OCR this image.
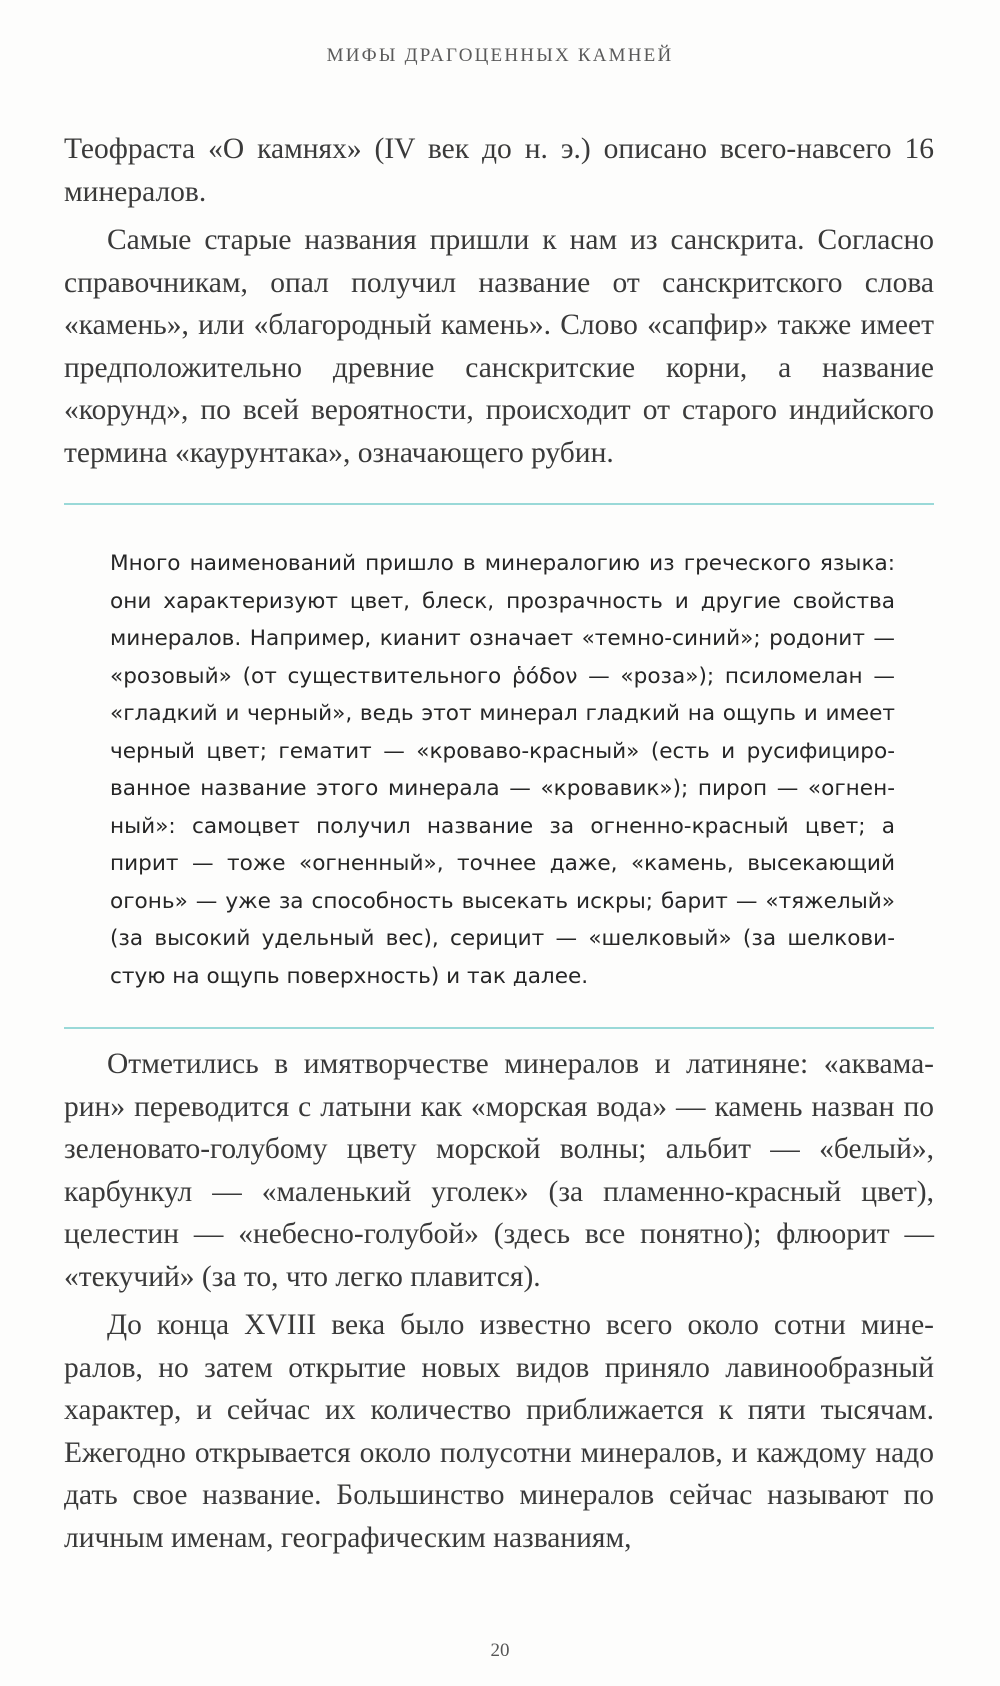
МИФЫ ДРАГОЦЕННЫХ КАМНЕЙ

Теофраста «О камнях» (IV век до н. э.) описано всего-навсего 16 минералов.

Самые старые названия пришли к нам из санскрита. Согласно справочникам, опал получил название от санскритского слова «камень», или «благородный камень». Слово «сапфир» также имеет предположительно древние санскритские корни, а название «корунд», по всей вероятности, происходит от старого индийского термина «каурунтака», означающего рубин.

Много наименований пришло в минералогию из греческого языка: они характеризуют цвет, блеск, прозрачность и другие свойства минералов. Например, кианит означает «темно-синий»; родонит — «розовый» (от существительного ῥόδον — «роза»); псиломелан — «гладкий и черный», ведь этот минерал гладкий на ощупь и имеет черный цвет; гематит — «кроваво-красный» (есть и русифицированное название этого минерала — «кровавик»); пироп — «огненный»: самоцвет получил название за огненно-красный цвет; а пирит — тоже «огненный», точнее даже, «камень, высекающий огонь» — уже за способность высекать искры; барит — «тяжелый» (за высокий удельный вес), серицит — «шелковый» (за шелковистую на ощупь поверхность) и так далее.

Отметились в имятворчестве минералов и латиняне: «аквамарин» переводится с латыни как «морская вода» — камень назван по зеленовато-голубому цвету морской волны; альбит — «белый», карбункул — «маленький уголек» (за пламенно-красный цвет), целестин — «небесно-голубой» (здесь все понятно); флюорит — «текучий» (за то, что легко плавится).

До конца XVIII века было известно всего около сотни минералов, но затем открытие новых видов приняло лавинообразный характер, и сейчас их количество приближается к пяти тысячам. Ежегодно открывается около полусотни минералов, и каждому надо дать свое название. Большинство минералов сейчас называют по личным именам, географическим названиям,

20
